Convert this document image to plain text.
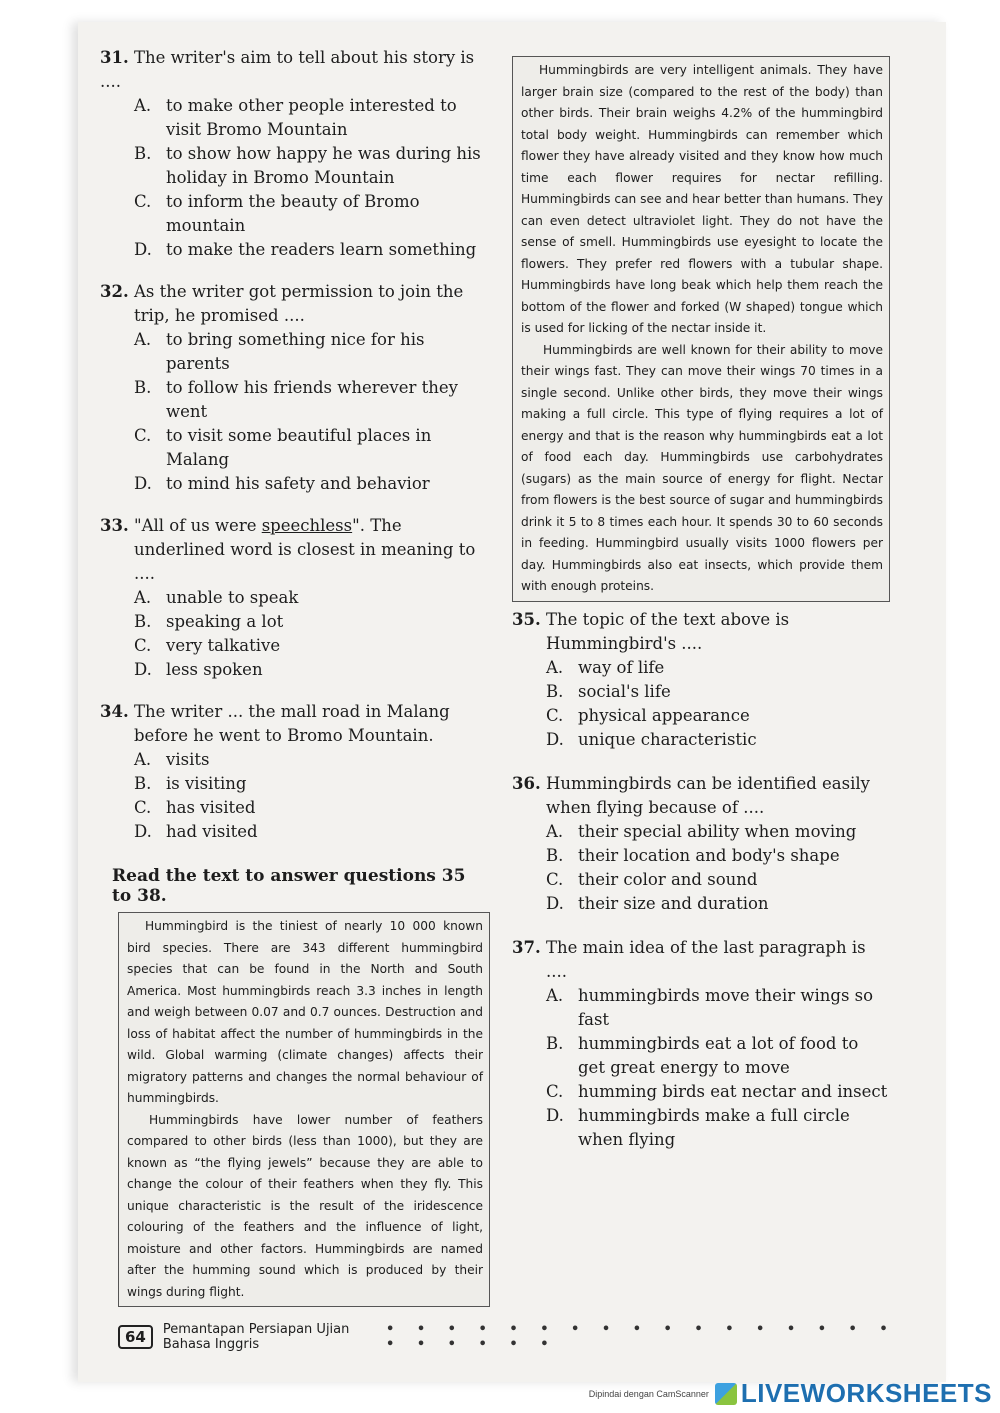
31. The writer's aim to tell about his story is ....
A. to make other people interested to visit Bromo Mountain
B. to show how happy he was during his holiday in Bromo Mountain
C. to inform the beauty of Bromo mountain
D. to make the readers learn something
32. As the writer got permission to join the trip, he promised ....
A. to bring something nice for his parents
B. to follow his friends wherever they went
C. to visit some beautiful places in Malang
D. to mind his safety and behavior
33. "All of us were speechless". The underlined word is closest in meaning to ....
A. unable to speak
B. speaking a lot
C. very talkative
D. less spoken
34. The writer ... the mall road in Malang before he went to Bromo Mountain.
A. visits
B. is visiting
C. has visited
D. had visited
Read the text to answer questions 35 to 38.

Hummingbird is the tiniest of nearly 10 000 known bird species. There are 343 different hummingbird species that can be found in the North and South America. Most hummingbirds reach 3.3 inches in length and weigh between 0.07 and 0.7 ounces. Destruction and loss of habitat affect the number of hummingbirds in the wild. Global warming (climate changes) affects their migratory patterns and changes the normal behaviour of hummingbirds.

Hummingbirds have lower number of feathers compared to other birds (less than 1000), but they are known as “the flying jewels” because they are able to change the colour of their feathers when they fly. This unique characteristic is the result of the iridescence colouring of the feathers and the influence of light, moisture and other factors. Hummingbirds are named after the humming sound which is produced by their wings during flight.

Hummingbirds are very intelligent animals. They have larger brain size (compared to the rest of the body) than other birds. Their brain weighs 4.2% of the hummingbird total body weight. Hummingbirds can remember which flower they have already visited and they know how much time each flower requires for nectar refilling. Hummingbirds can see and hear better than humans. They can even detect ultraviolet light. They do not have the sense of smell. Hummingbirds use eyesight to locate the flowers. They prefer red flowers with a tubular shape. Hummingbirds have long beak which help them reach the bottom of the flower and forked (W shaped) tongue which is used for licking of the nectar inside it.

Hummingbirds are well known for their ability to move their wings fast. They can move their wings 70 times in a single second. Unlike other birds, they move their wings making a full circle. This type of flying requires a lot of energy and that is the reason why hummingbirds eat a lot of food each day. Hummingbirds use carbohydrates (sugars) as the main source of energy for flight. Nectar from flowers is the best source of sugar and hummingbirds drink it 5 to 8 times each hour. It spends 30 to 60 seconds in feeding. Hummingbird usually visits 1000 flowers per day. Hummingbirds also eat insects, which provide them with enough proteins.

35. The topic of the text above is Hummingbird's ....
A. way of life
B. social's life
C. physical appearance
D. unique characteristic
36. Hummingbirds can be identified easily when flying because of ....
A. their special ability when moving
B. their location and body's shape
C. their color and sound
D. their size and duration
37. The main idea of the last paragraph is ....
A. hummingbirds move their wings so fast
B. hummingbirds eat a lot of food to get great energy to move
C. humming birds eat nectar and insect
D. hummingbirds make a full circle when flying
64	Pemantapan Persiapan Ujian Bahasa Inggris
• • • • • • • • • • • • • • • • • • • • • • •
Dipindai dengan CamScanner LIVEWORKSHEETS
